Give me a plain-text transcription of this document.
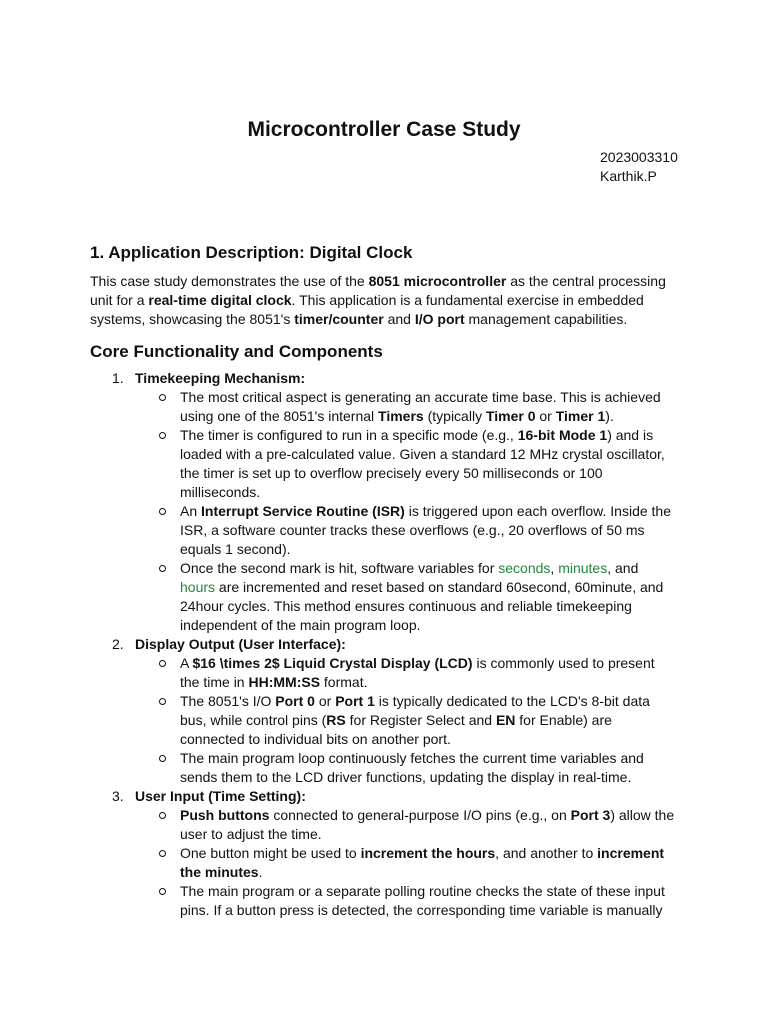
Microcontroller Case Study
2023003310
Karthik.P
1. Application Description: Digital Clock

This case study demonstrates the use of the 8051 microcontroller as the central processing unit for a real-time digital clock. This application is a fundamental exercise in embedded systems, showcasing the 8051's timer/counter and I/O port management capabilities.

Core Functionality and Components
1. Timekeeping Mechanism:
The most critical aspect is generating an accurate time base. This is achieved using one of the 8051's internal Timers (typically Timer 0 or Timer 1).
The timer is configured to run in a specific mode (e.g., 16-bit Mode 1) and is loaded with a pre-calculated value. Given a standard 12 MHz crystal oscillator, the timer is set up to overflow precisely every 50 milliseconds or 100 milliseconds.
An Interrupt Service Routine (ISR) is triggered upon each overflow. Inside the ISR, a software counter tracks these overflows (e.g., 20 overflows of 50 ms equals 1 second).
Once the second mark is hit, software variables for seconds, minutes, and hours are incremented and reset based on standard 60second, 60minute, and 24hour cycles. This method ensures continuous and reliable timekeeping independent of the main program loop.
2. Display Output (User Interface):
A $16 \times 2$ Liquid Crystal Display (LCD) is commonly used to present the time in HH:MM:SS format.
The 8051's I/O Port 0 or Port 1 is typically dedicated to the LCD's 8-bit data bus, while control pins (RS for Register Select and EN for Enable) are connected to individual bits on another port.
The main program loop continuously fetches the current time variables and sends them to the LCD driver functions, updating the display in real-time.
3. User Input (Time Setting):
Push buttons connected to general-purpose I/O pins (e.g., on Port 3) allow the user to adjust the time.
One button might be used to increment the hours, and another to increment the minutes.
The main program or a separate polling routine checks the state of these input pins. If a button press is detected, the corresponding time variable is manually
